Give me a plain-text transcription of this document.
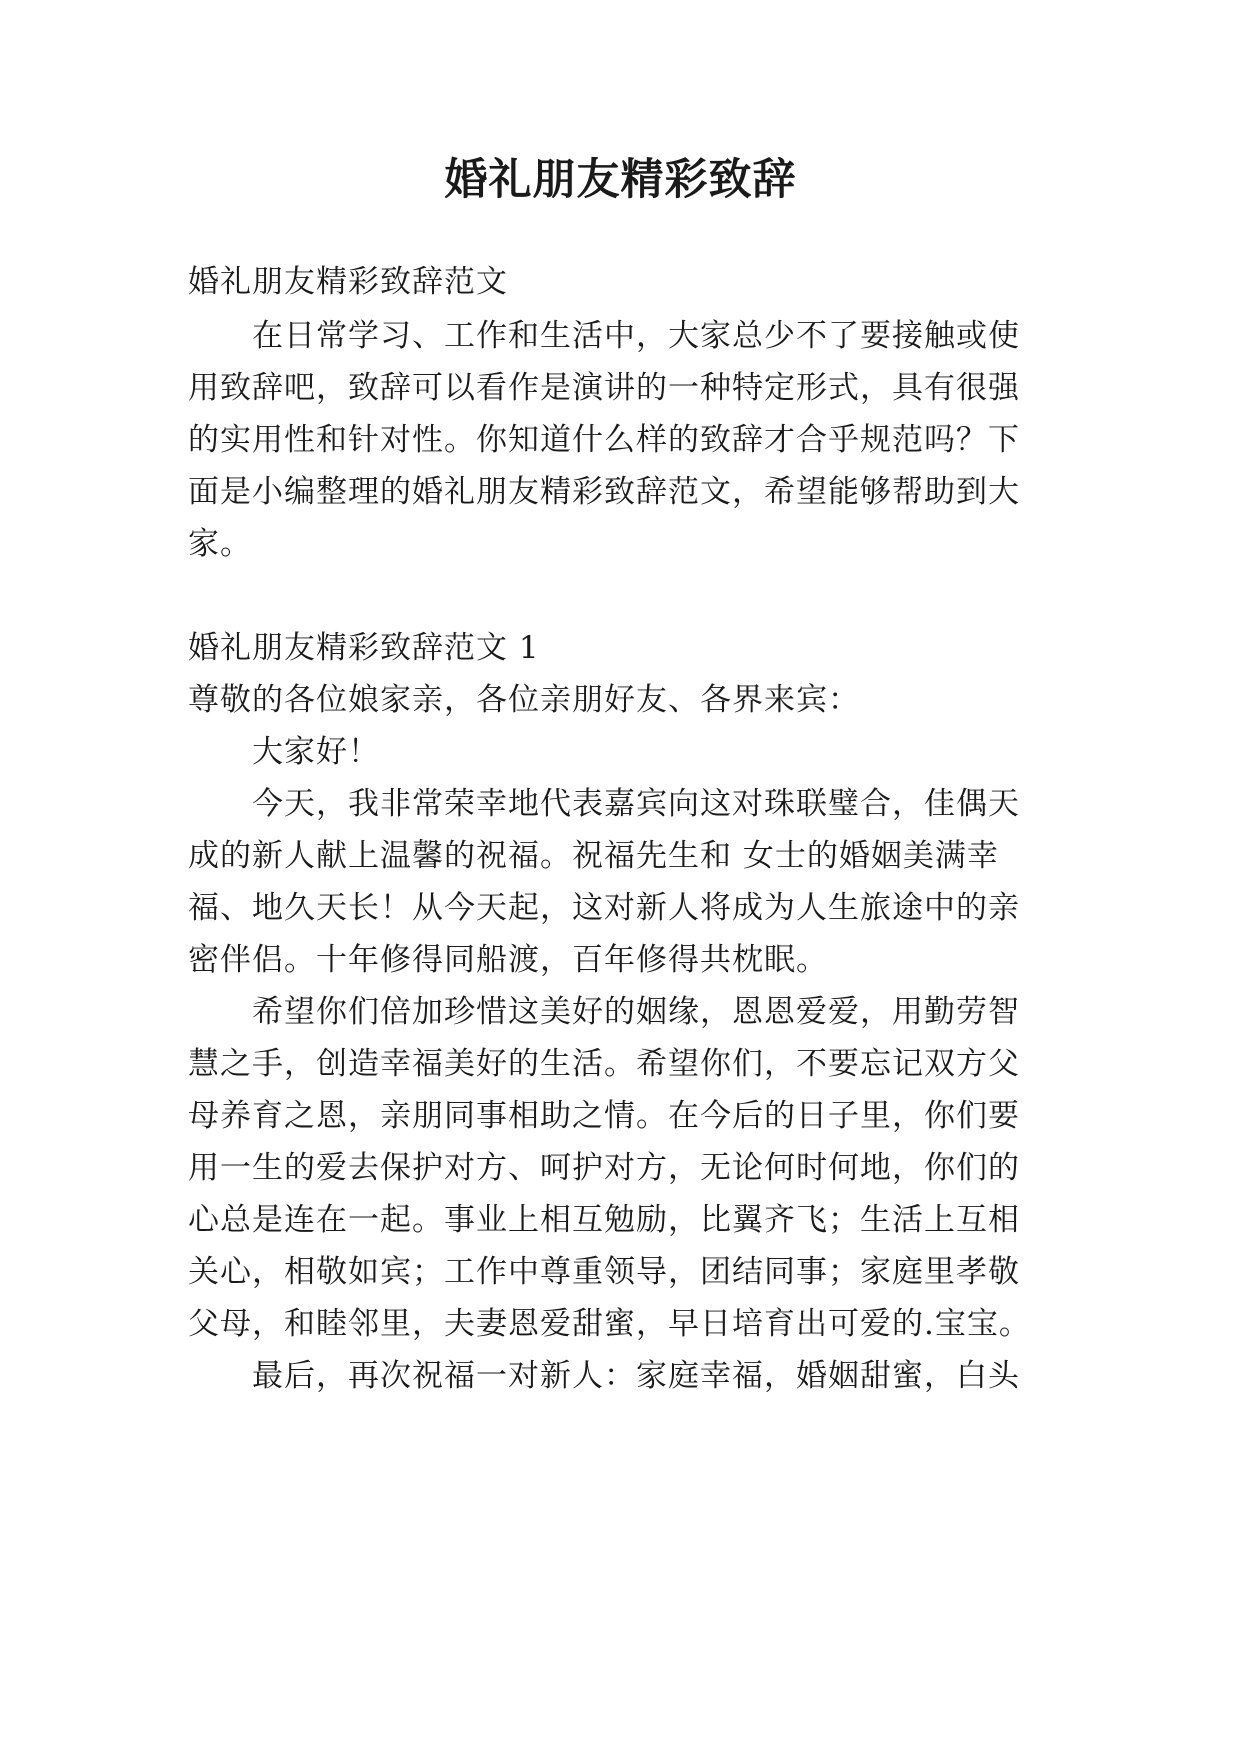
婚礼朋友精彩致辞
婚礼朋友精彩致辞范文
在日常学习、工作和生活中，大家总少不了要接触或使
用致辞吧，致辞可以看作是演讲的一种特定形式，具有很强
的实用性和针对性。你知道什么样的致辞才合乎规范吗？下
面是小编整理的婚礼朋友精彩致辞范文，希望能够帮助到大
家。
婚礼朋友精彩致辞范文 1
尊敬的各位娘家亲，各位亲朋好友、各界来宾：
大家好！
今天，我非常荣幸地代表嘉宾向这对珠联璧合，佳偶天
成的新人献上温馨的祝福。祝福先生和 女士的婚姻美满幸
福、地久天长！从今天起，这对新人将成为人生旅途中的亲
密伴侣。十年修得同船渡，百年修得共枕眠。
希望你们倍加珍惜这美好的姻缘，恩恩爱爱，用勤劳智
慧之手，创造幸福美好的生活。希望你们，不要忘记双方父
母养育之恩，亲朋同事相助之情。在今后的日子里，你们要
用一生的爱去保护对方、呵护对方，无论何时何地，你们的
心总是连在一起。事业上相互勉励，比翼齐飞；生活上互相
关心，相敬如宾；工作中尊重领导，团结同事；家庭里孝敬
父母，和睦邻里，夫妻恩爱甜蜜，早日培育出可爱的.宝宝。
最后，再次祝福一对新人：家庭幸福，婚姻甜蜜，白头
